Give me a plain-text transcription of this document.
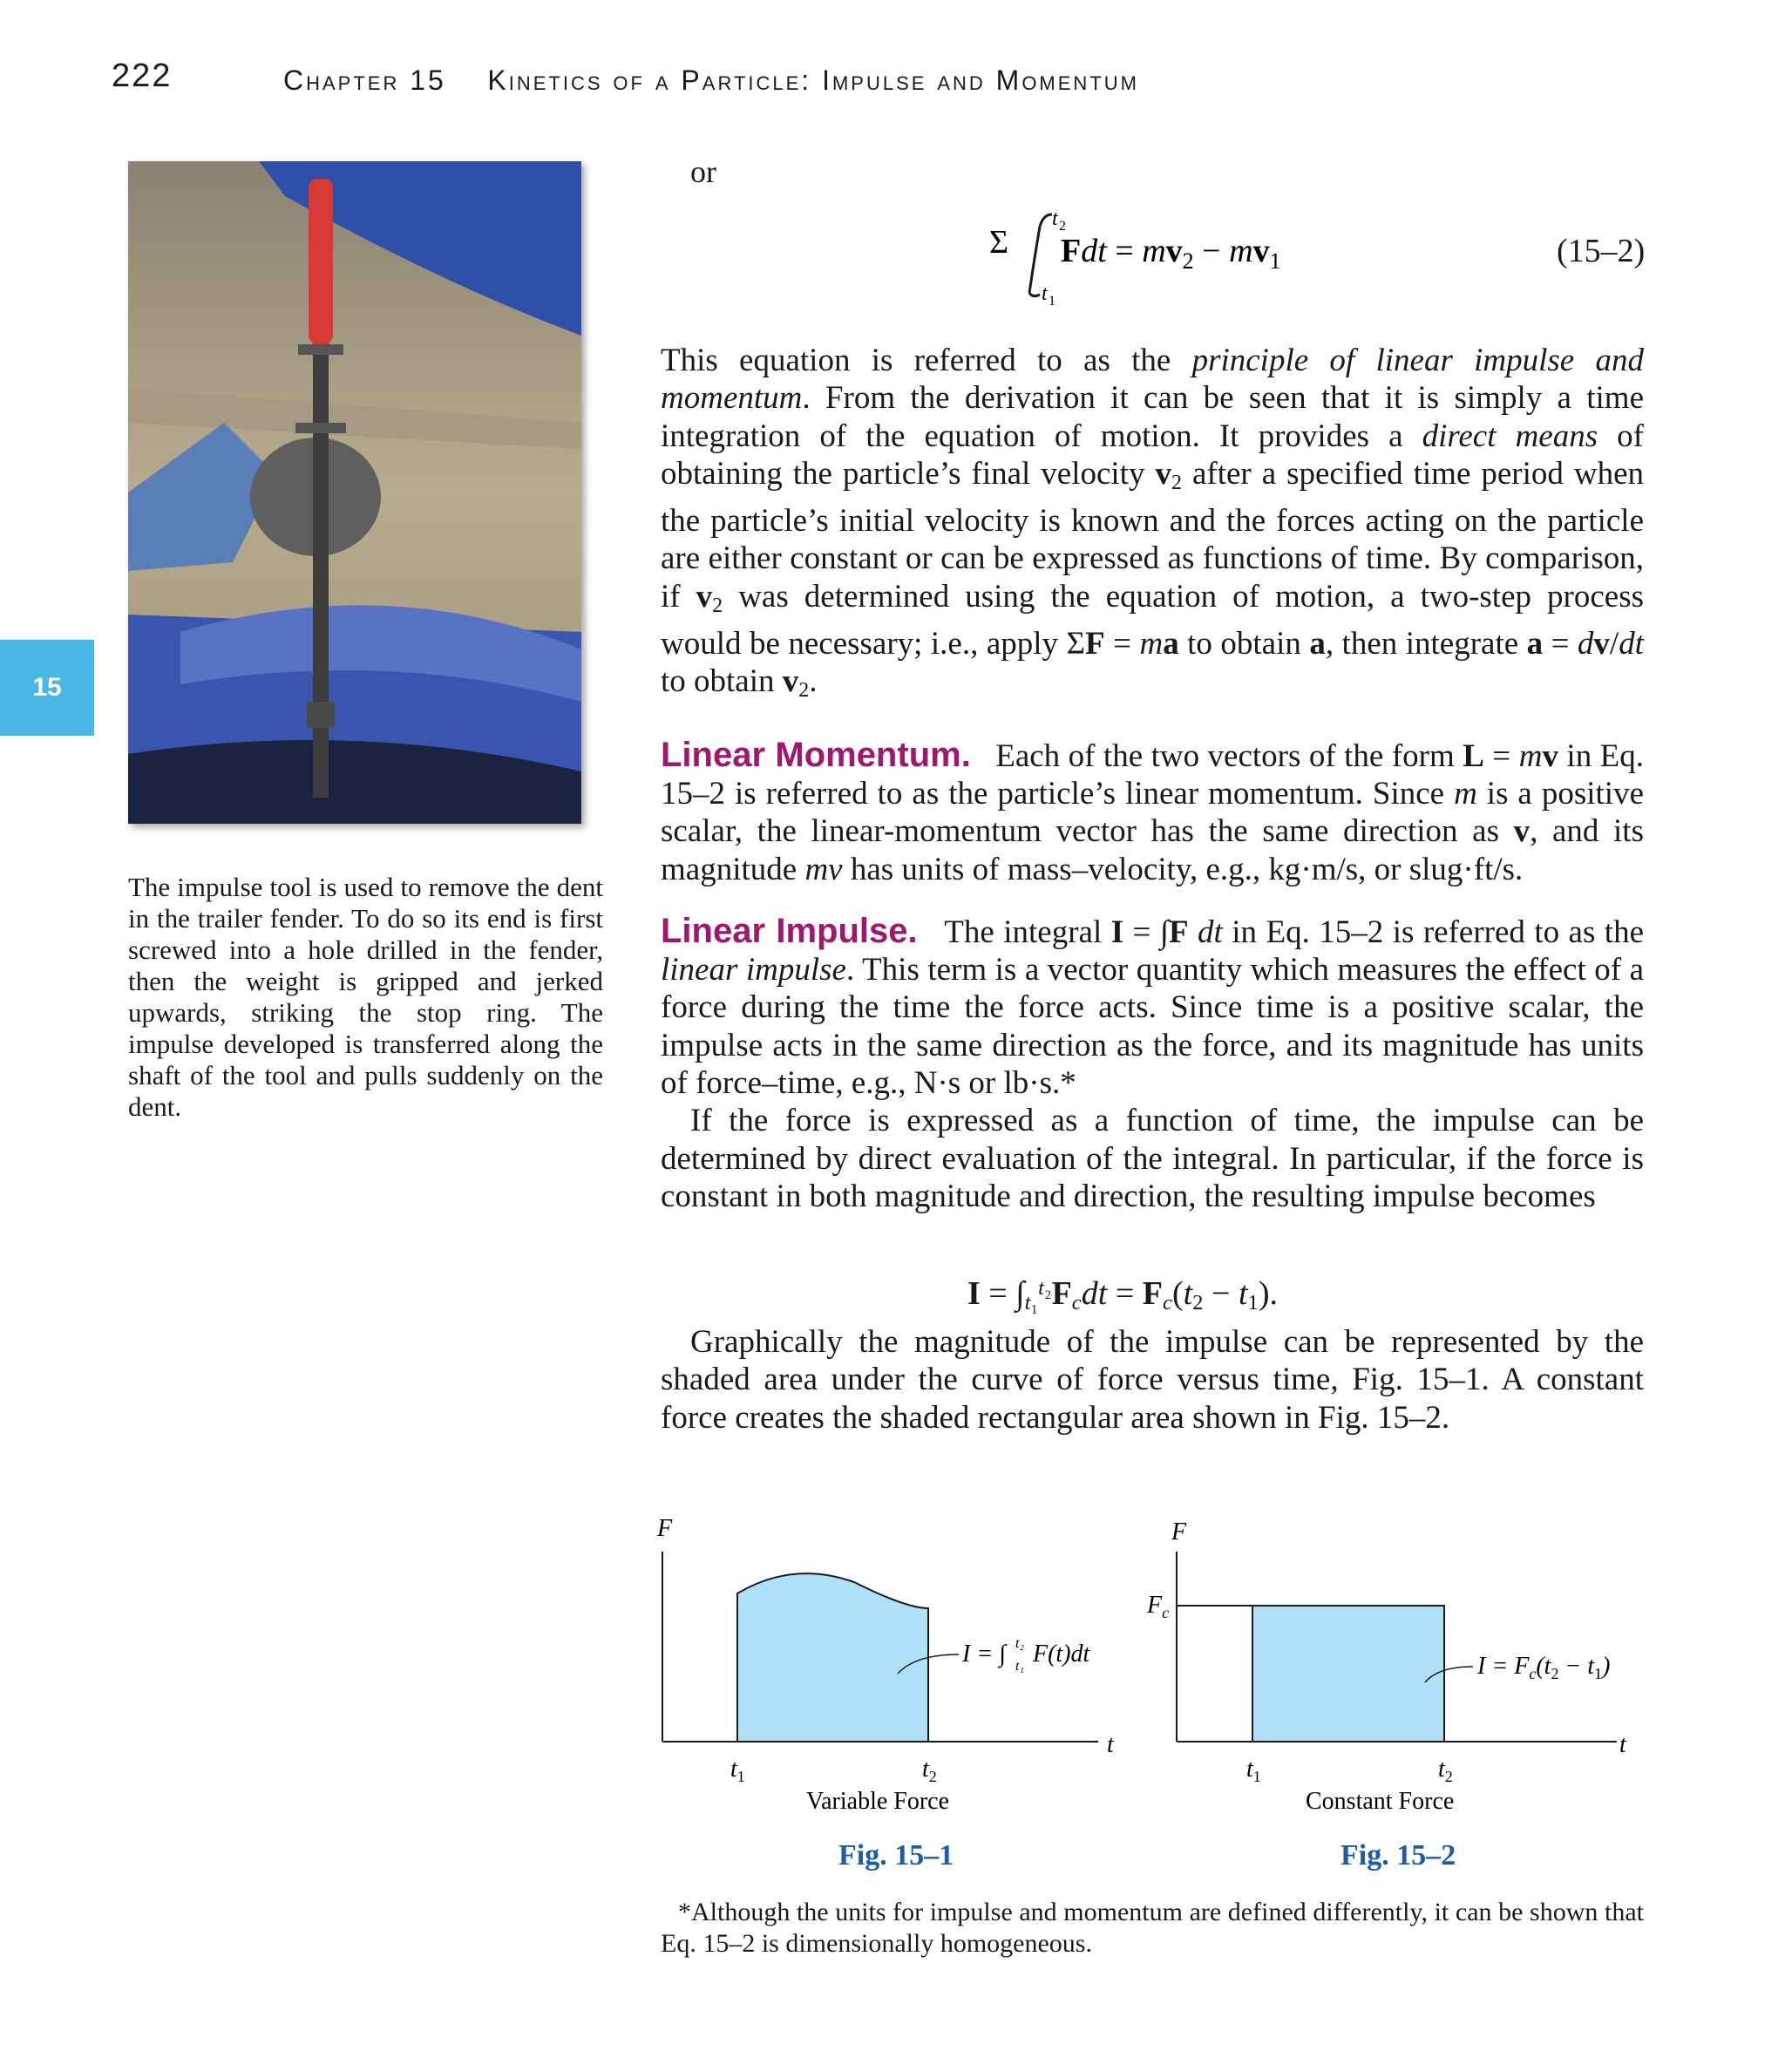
222	Chapter 15 Kinetics of a Particle: Impulse and Momentum
15
The impulse tool is used to remove the dent in the trailer fender. To do so its end is first screwed into a hole drilled in the fender, then the weight is gripped and jerked upwards, striking the stop ring. The impulse developed is transferred along the shaft of the tool and pulls suddenly on the dent.
or
Σ
t 2
t 1
Fdt = $mv_2 - mv_1$	(15–2)

This equation is referred to as the principle of linear impulse and momentum. From the derivation it can be seen that it is simply a time integration of the equation of motion. It provides a direct means of obtaining the particle’s final velocity $v_2$ after a specified time period when the particle’s initial velocity is known and the forces acting on the particle are either constant or can be expressed as functions of time. By comparison, if $v_2$ was determined using the equation of motion, a two-step process would be necessary; i.e., apply ΣF = ma to obtain a, then integrate a = dv/dt to obtain $v_2$.

Linear Momentum. Each of the two vectors of the form L = mv in Eq. 15–2 is referred to as the particle’s linear momentum. Since m is a positive scalar, the linear-momentum vector has the same direction as v, and its magnitude mv has units of mass–velocity, e.g., kg·m/s, or slug·ft/s.

Linear Impulse. The integral I = ∫F dt in Eq. 15–2 is referred to as the linear impulse. This term is a vector quantity which measures the effect of a force during the time the force acts. Since time is a positive scalar, the impulse acts in the same direction as the force, and its magnitude has units of force–time, e.g., N·s or lb·s.*

If the force is expressed as a function of time, the impulse can be determined by direct evaluation of the integral. In particular, if the force is constant in both magnitude and direction, the resulting impulse becomes

$I = \int_{t_1}^{t_2}F_cdt = F_c(t_2 - t_1)$.

Graphically the magnitude of the impulse can be represented by the shaded area under the curve of force versus time, Fig. 15–1. A constant force creates the shaded rectangular area shown in Fig. 15–2.

I = ∫ t₂
t₁ F(t)dt
F
t
$t_1$	$t_2$
Variable Force
$I = F_c(t_2 - t_1)$
F
$F_c$
t
$t_1$	$t_2$
Constant Force
Fig. 15–1	Fig. 15–2
*Although the units for impulse and momentum are defined differently, it can be shown that Eq. 15–2 is dimensionally homogeneous.
